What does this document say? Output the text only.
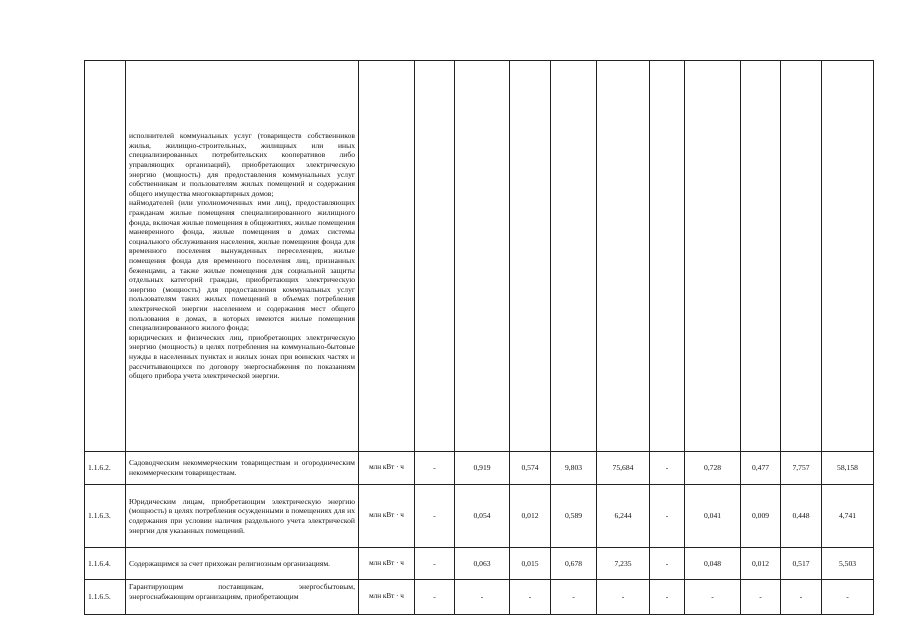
	исполнителей коммунальных услуг (товариществ собственников жилья, жилищно-строительных, жилищных или иных специализированных потребительских кооперативов либо управляющих организаций), приобретающих электрическую энергию (мощность) для предоставления коммунальных услуг собственникам и пользователям жилых помещений и содержания общего имущества многоквартирных домов;

наймодателей (или уполномоченных ими лиц), предоставляющих гражданам жилые помещения специализированного жилищного фонда, включая жилые помещения в общежитиях, жилые помещения маневренного фонда, жилые помещения в домах системы социального обслуживания населения, жилые помещения фонда для временного поселения вынужденных переселенцев, жилые помещения фонда для временного поселения лиц, признанных беженцами, а также жилые помещения для социальной защиты отдельных категорий граждан, приобретающих электрическую энергию (мощность) для предоставления коммунальных услуг пользователям таких жилых помещений в объемах потребления электрической энергии населением и содержания мест общего пользования в домах, в которых имеются жилые помещения специализированного жилого фонда;

юридических и физических лиц, приобретающих электрическую энергию (мощность) в целях потребления на коммунально-бытовые нужды в населенных пунктах и жилых зонах при воинских частях и рассчитывающихся по договору энергоснабжения по показаниям общего прибора учета электрической энергии.											

1.1.6.2.	Садоводческим некоммерческим товариществам и огородническим некоммерческим товариществам.	млн кВт · ч	-	0,919	0,574	9,803	75,684	-	0,728	0,477	7,757	58,158
1.1.6.3.	Юридическим лицам, приобретающим электрическую энергию (мощность) в целях потребления осужденными в помещениях для их содержания при условии наличия раздельного учета электрической энергии для указанных помещений.	млн кВт · ч	-	0,054	0,012	0,589	6,244	-	0,041	0,009	0,448	4,741
1.1.6.4.	Содержащимся за счет прихожан религиозным организациям.	млн кВт · ч	-	0,063	0,015	0,678	7,235	-	0,048	0,012	0,517	5,503
1.1.6.5.	Гарантирующим поставщикам, энергосбытовым, энергоснабжающим организациям, приобретающим	млн кВт · ч	-	-	-	-	-	-	-	-	-	-
